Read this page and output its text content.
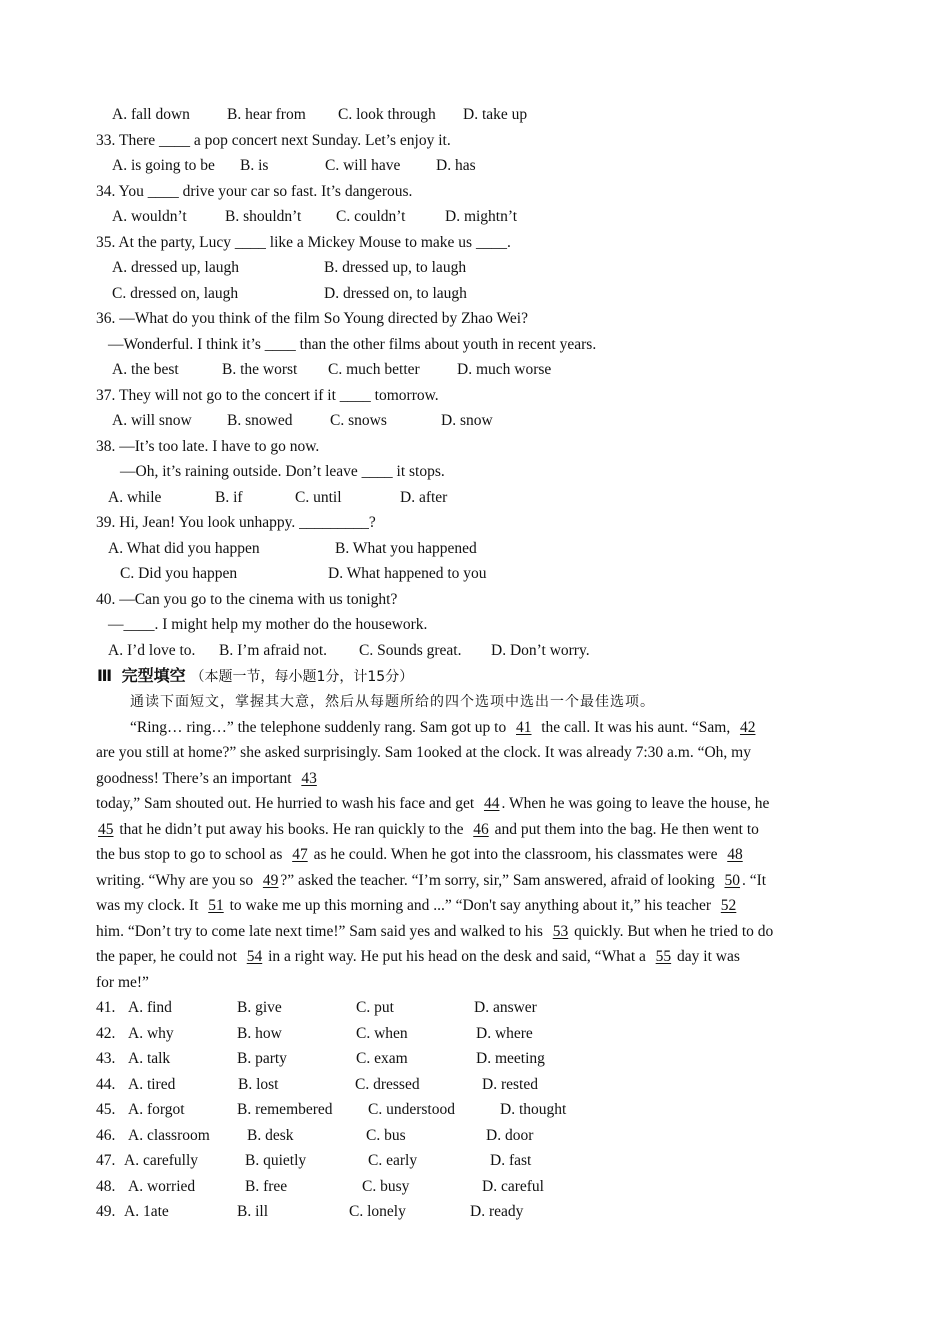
A. fall down B. hear from C. look through D. take up
33. There ____ a pop concert next Sunday. Let’s enjoy it.
A. is going to be B. is	C. will have D. has
34. You ____ drive your car so fast. It’s dangerous.
A. wouldn’t B. shouldn’t C. couldn’t	D. mightn’t
35. At the party, Lucy ____ like a Mickey Mouse to make us ____.
A. dressed up, laugh	B. dressed up, to laugh
C. dressed on, laugh	D. dressed on, to laugh
36. —What do you think of the film So Young directed by Zhao Wei?
—Wonderful. I think it’s ____ than the other films about youth in recent years.
A. the best	B. the worst C. much better D. much worse
37. They will not go to the concert if it ____ tomorrow.
A. will snow B. snowed C. snows	D. snow
38. —It’s too late. I have to go now.
—Oh, it’s raining outside. Don’t leave ____ it stops.
A. while	B. if	C. until	D. after
39. Hi, Jean! You look unhappy. _________?
A. What did you happen	B. What you happened
C. Did you happen	D. What happened to you
40. —Can you go to the cinema with us tonight?
—____. I might help my mother do the housework.
A. I’d love to. B. I’m afraid not. C. Sounds great. D. Don’t worry.
Ⅲ 完型填空 （本题一节，每小题1分，计15分）
通读下面短文，掌握其大意，然后从每题所给的四个选项中选出一个最佳选项。
“Ring… ring…” the telephone suddenly rang. Sam got up to 41 the call. It was his aunt. “Sam, 42
are you still at home?” she asked surprisingly. Sam 1ooked at the clock. It was already 7:30 a.m. “Oh, my
goodness! There’s an important 43
today,” Sam shouted out. He hurried to wash his face and get 44 . When he was going to leave the house, he
45 that he didn’t put away his books. He ran quickly to the 46 and put them into the bag. He then went to
the bus stop to go to school as 47 as he could. When he got into the classroom, his classmates were 48
writing. “Why are you so 49 ?” asked the teacher. “I’m sorry, sir,” Sam answered, afraid of looking 50 . “It
was my clock. It 51 to wake me up this morning and ...” “Don't say anything about it,” his teacher 52
him. “Don’t try to come late next time!” Sam said yes and walked to his 53 quickly. But when he tried to do
the paper, he could not 54 in a right way. He put his head on the desk and said, “What a 55 day it was
for me!”
41. A. find	B. give	C. put	D. answer
42. A. why	B. how	C. when	D. where
43. A. talk	B. party	C. exam	D. meeting
44. A. tired	B. lost	C. dressed	D. rested
45. A. forgot	B. remembered C. understood	D. thought
46. A. classroom B. desk	C. bus	D. door
47. A. carefully	B. quietly	C. early	D. fast
48. A. worried	B. free	C. busy	D. careful
49. A. 1ate	B. ill	C. lonely	D. ready
